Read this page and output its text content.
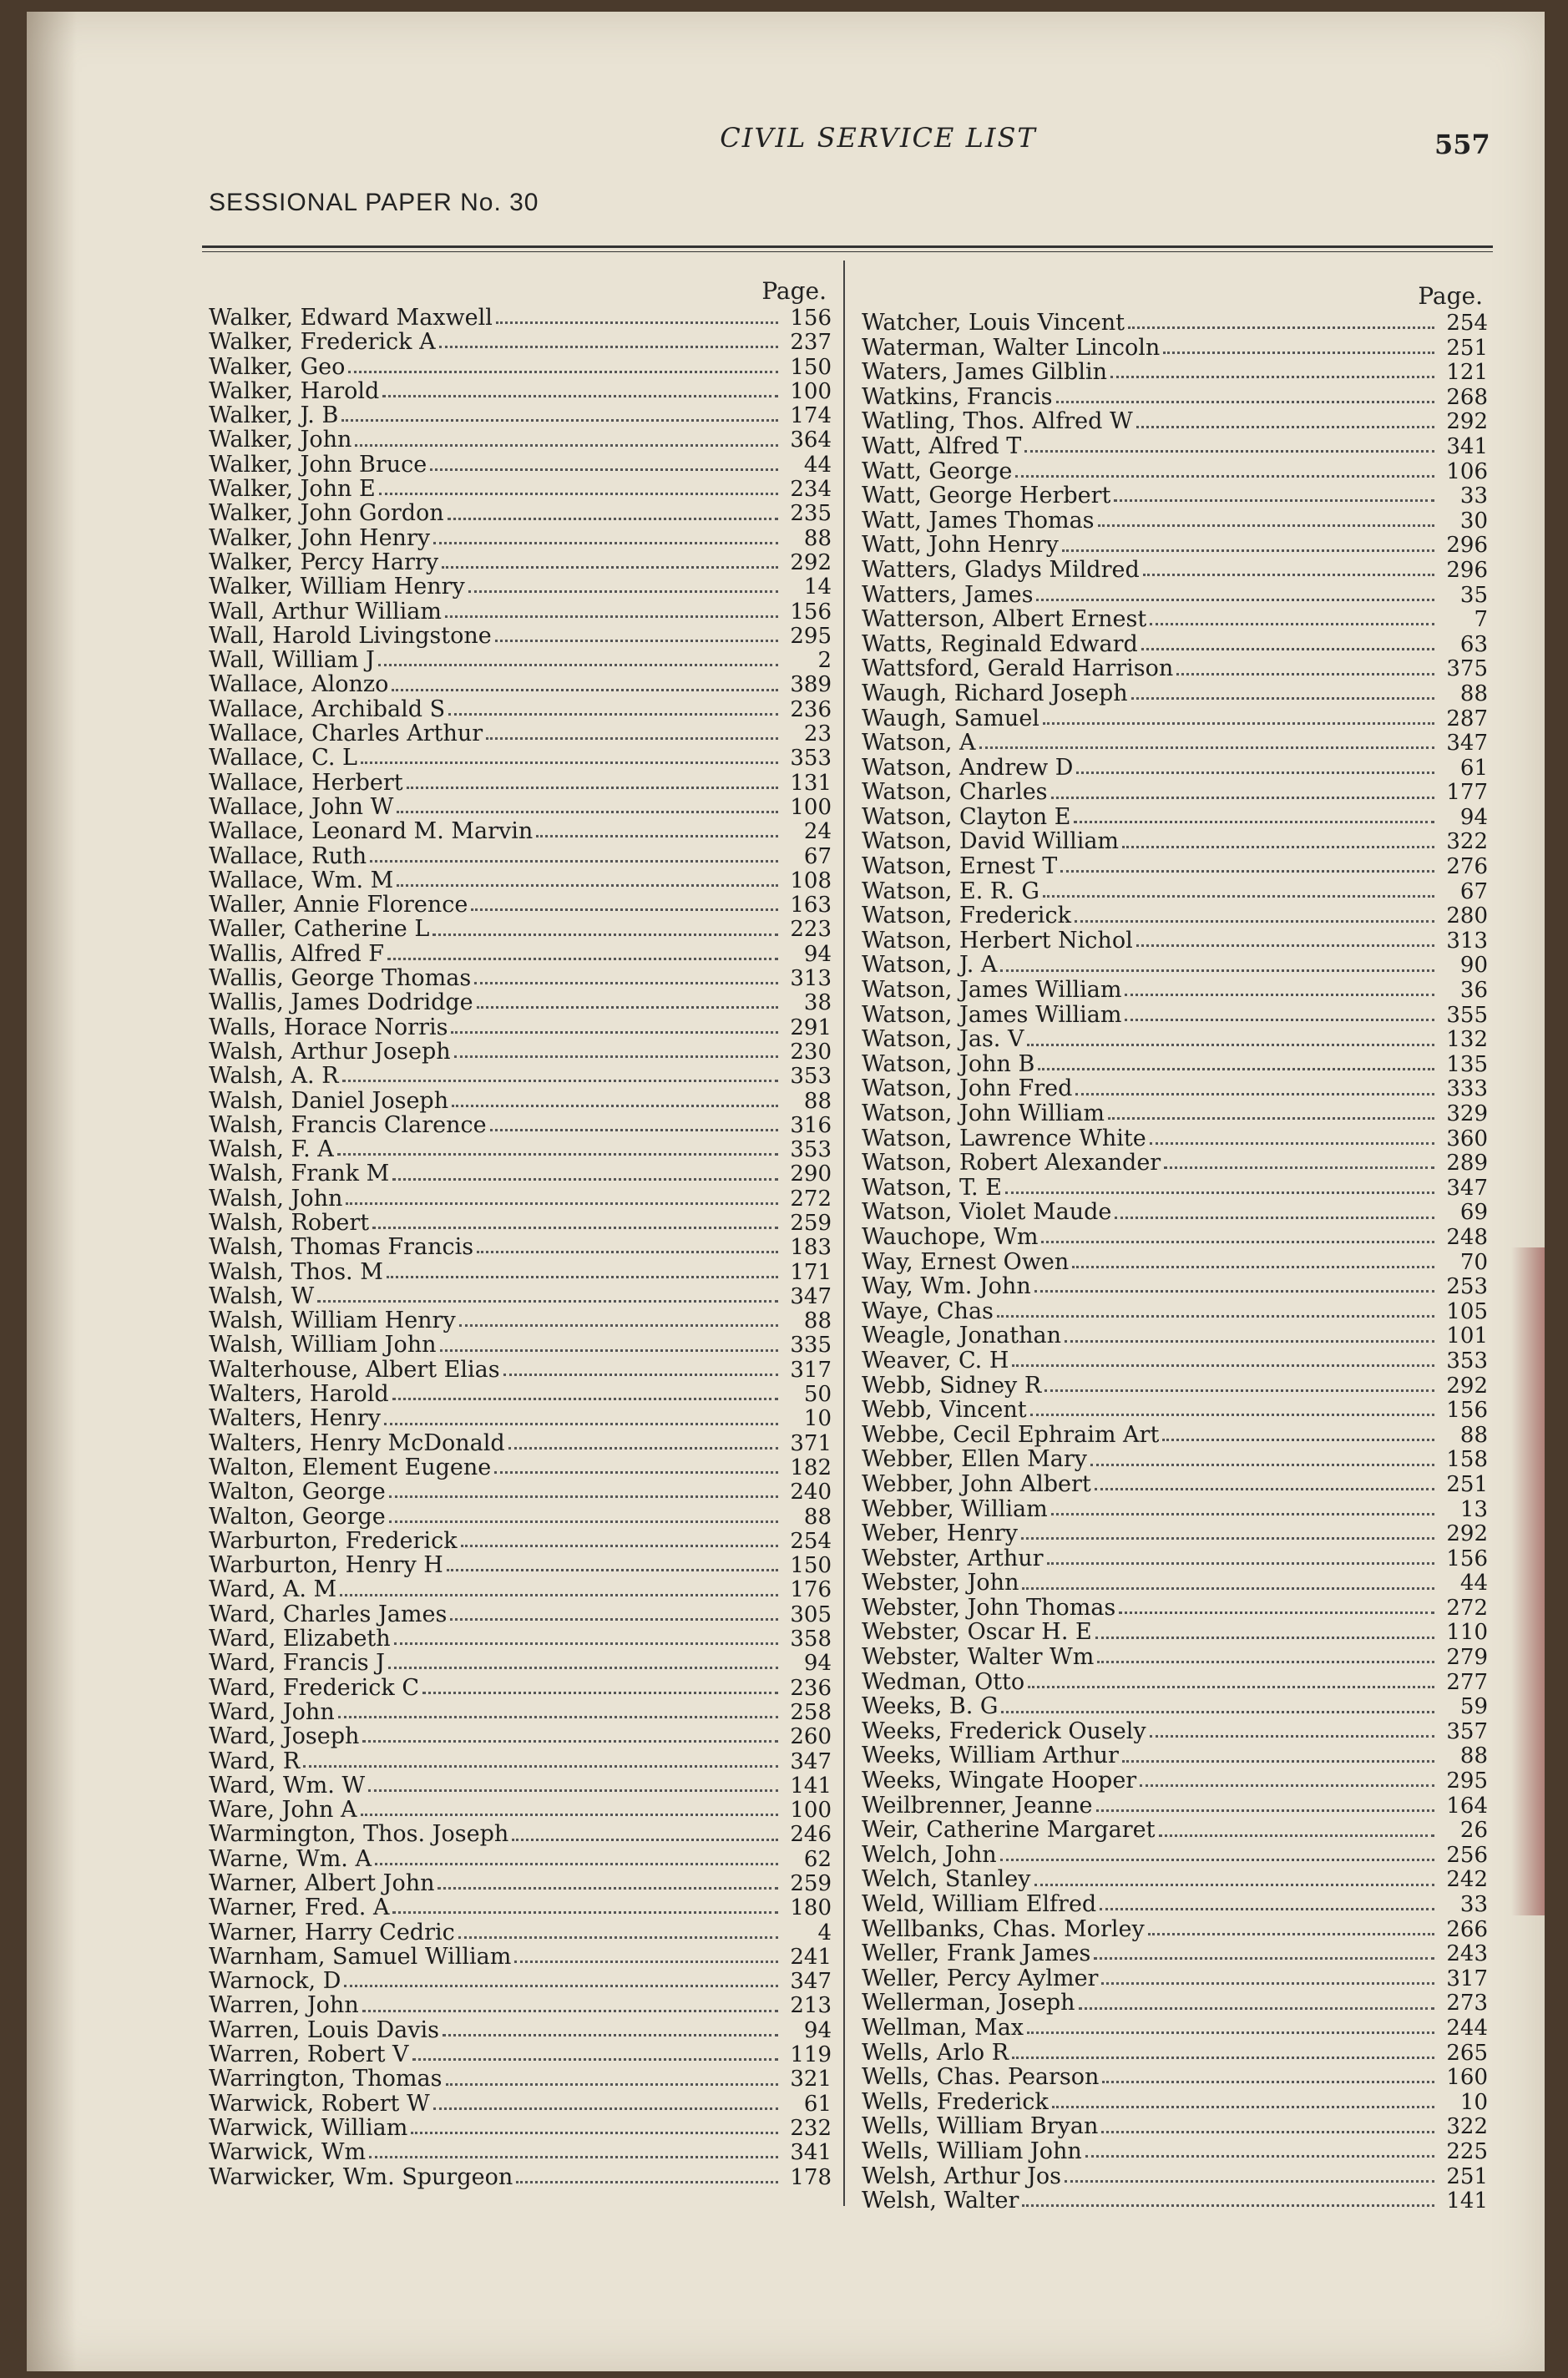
CIVIL SERVICE LIST	557
SESSIONAL PAPER No. 30
Page.
Walker, Edward Maxwell	156
Walker, Frederick A	237
Walker, Geo	150
Walker, Harold	100
Walker, J. B	174
Walker, John	364
Walker, John Bruce	44
Walker, John E	234
Walker, John Gordon	235
Walker, John Henry	88
Walker, Percy Harry	292
Walker, William Henry	14
Wall, Arthur William	156
Wall, Harold Livingstone	295
Wall, William J	2
Wallace, Alonzo	389
Wallace, Archibald S	236
Wallace, Charles Arthur	23
Wallace, C. L	353
Wallace, Herbert	131
Wallace, John W	100
Wallace, Leonard M. Marvin	24
Wallace, Ruth	67
Wallace, Wm. M	108
Waller, Annie Florence	163
Waller, Catherine L	223
Wallis, Alfred F	94
Wallis, George Thomas	313
Wallis, James Dodridge	38
Walls, Horace Norris	291
Walsh, Arthur Joseph	230
Walsh, A. R	353
Walsh, Daniel Joseph	88
Walsh, Francis Clarence	316
Walsh, F. A	353
Walsh, Frank M	290
Walsh, John	272
Walsh, Robert	259
Walsh, Thomas Francis	183
Walsh, Thos. M	171
Walsh, W	347
Walsh, William Henry	88
Walsh, William John	335
Walterhouse, Albert Elias	317
Walters, Harold	50
Walters, Henry	10
Walters, Henry McDonald	371
Walton, Element Eugene	182
Walton, George	240
Walton, George	88
Warburton, Frederick	254
Warburton, Henry H	150
Ward, A. M	176
Ward, Charles James	305
Ward, Elizabeth	358
Ward, Francis J	94
Ward, Frederick C	236
Ward, John	258
Ward, Joseph	260
Ward, R	347
Ward, Wm. W	141
Ware, John A	100
Warmington, Thos. Joseph	246
Warne, Wm. A	62
Warner, Albert John	259
Warner, Fred. A	180
Warner, Harry Cedric	4
Warnham, Samuel William	241
Warnock, D	347
Warren, John	213
Warren, Louis Davis	94
Warren, Robert V	119
Warrington, Thomas	321
Warwick, Robert W	61
Warwick, William	232
Warwick, Wm	341
Warwicker, Wm. Spurgeon	178
Page.
Watcher, Louis Vincent	254
Waterman, Walter Lincoln	251
Waters, James Gilblin	121
Watkins, Francis	268
Watling, Thos. Alfred W	292
Watt, Alfred T	341
Watt, George	106
Watt, George Herbert	33
Watt, James Thomas	30
Watt, John Henry	296
Watters, Gladys Mildred	296
Watters, James	35
Watterson, Albert Ernest	7
Watts, Reginald Edward	63
Wattsford, Gerald Harrison	375
Waugh, Richard Joseph	88
Waugh, Samuel	287
Watson, A	347
Watson, Andrew D	61
Watson, Charles	177
Watson, Clayton E	94
Watson, David William	322
Watson, Ernest T	276
Watson, E. R. G	67
Watson, Frederick	280
Watson, Herbert Nichol	313
Watson, J. A	90
Watson, James William	36
Watson, James William	355
Watson, Jas. V	132
Watson, John B	135
Watson, John Fred	333
Watson, John William	329
Watson, Lawrence White	360
Watson, Robert Alexander	289
Watson, T. E	347
Watson, Violet Maude	69
Wauchope, Wm	248
Way, Ernest Owen	70
Way, Wm. John	253
Waye, Chas	105
Weagle, Jonathan	101
Weaver, C. H	353
Webb, Sidney R	292
Webb, Vincent	156
Webbe, Cecil Ephraim Art	88
Webber, Ellen Mary	158
Webber, John Albert	251
Webber, William	13
Weber, Henry	292
Webster, Arthur	156
Webster, John	44
Webster, John Thomas	272
Webster, Oscar H. E	110
Webster, Walter Wm	279
Wedman, Otto	277
Weeks, B. G	59
Weeks, Frederick Ousely	357
Weeks, William Arthur	88
Weeks, Wingate Hooper	295
Weilbrenner, Jeanne	164
Weir, Catherine Margaret	26
Welch, John	256
Welch, Stanley	242
Weld, William Elfred	33
Wellbanks, Chas. Morley	266
Weller, Frank James	243
Weller, Percy Aylmer	317
Wellerman, Joseph	273
Wellman, Max	244
Wells, Arlo R	265
Wells, Chas. Pearson	160
Wells, Frederick	10
Wells, William Bryan	322
Wells, William John	225
Welsh, Arthur Jos	251
Welsh, Walter	141
